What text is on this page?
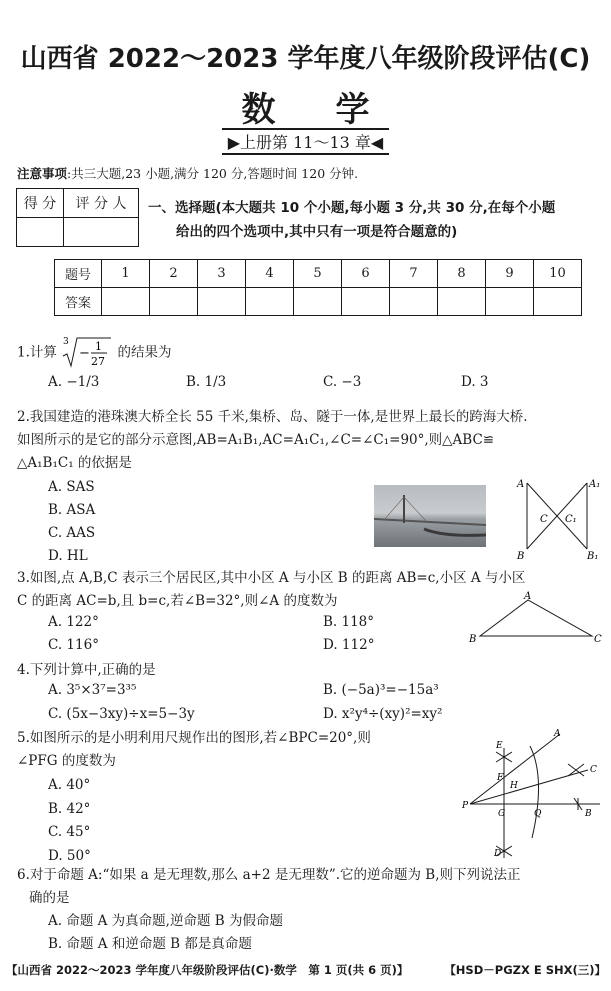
山西省 2022～2023 学年度八年级阶段评估(C)
数 学
▶上册第 11～13 章◀
注意事项:共三大题,23 小题,满分 120 分,答题时间 120 分钟.
得 分	评 分 人
	一、选择题(本大题共 10 个小题,每小题 3 分,共 30 分,在每个小题
给出的四个选项中,其中只有一项是符合题意的)
题号	1	2	3	4	5	6	7	8	9	10
答案										
1.计算
3
− 1
27
的结果为
A. −1/3	B. 1/3	C. −3	D. 3
2.我国建造的港珠澳大桥全长 55 千米,集桥、岛、隧于一体,是世界上最长的跨海大桥.
如图所示的是它的部分示意图,AB=A₁B₁,AC=A₁C₁,∠C=∠C₁=90°,则△ABC≌
△A₁B₁C₁ 的依据是
A. SAS
B. ASA
C. AAS
D. HL
A	A₁
B	B₁
C C₁
3.如图,点 A,B,C 表示三个居民区,其中小区 A 与小区 B 的距离 AB=c,小区 A 与小区
C 的距离 AC=b,且 b=c,若∠B=32°,则∠A 的度数为
A. 122°	B. 118°
C. 116°	D. 112°
A
B	C
4.下列计算中,正确的是
A. 3⁵×3⁷=3³⁵	B. (−5a)³=−15a³
C. (5x−3xy)÷x=5−3y	D. x²y⁴÷(xy)²=xy²
5.如图所示的是小明利用尺规作出的图形,若∠BPC=20°,则
∠PFG 的度数为
A. 40°
B. 42°
C. 45°
D. 50°
A
C
B
E
F
H
P
G	Q
D
6.对于命题 A:“如果 a 是无理数,那么 a+2 是无理数”.它的逆命题为 B,则下列说法正
确的是
A. 命题 A 为真命题,逆命题 B 为假命题
B. 命题 A 和逆命题 B 都是真命题
【山西省 2022～2023 学年度八年级阶段评估(C)·数学　第 1 页(共 6 页)】	【HSD－PGZX E SHX(三)】
